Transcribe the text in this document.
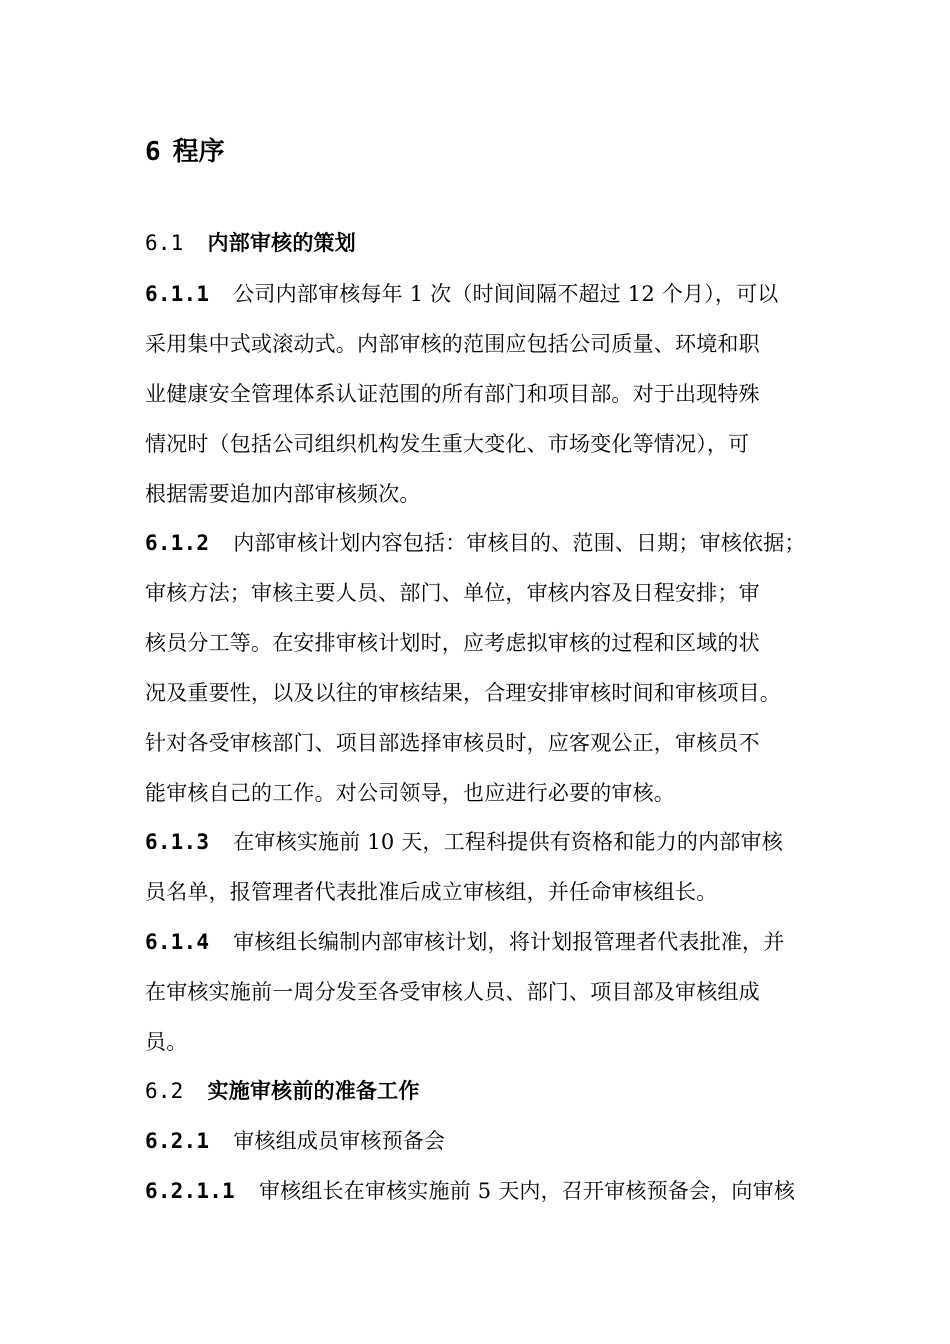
6 程序
6.1 内部审核的策划
6.1.1 公司内部审核每年 1 次（时间间隔不超过 12 个月），可以
采用集中式或滚动式。内部审核的范围应包括公司质量、环境和职
业健康安全管理体系认证范围的所有部门和项目部。对于出现特殊
情况时（包括公司组织机构发生重大变化、市场变化等情况），可
根据需要追加内部审核频次。
6.1.2 内部审核计划内容包括：审核目的、范围、日期；审核依据；
审核方法；审核主要人员、部门、单位，审核内容及日程安排；审
核员分工等。在安排审核计划时，应考虑拟审核的过程和区域的状
况及重要性，以及以往的审核结果，合理安排审核时间和审核项目。
针对各受审核部门、项目部选择审核员时，应客观公正，审核员不
能审核自己的工作。对公司领导，也应进行必要的审核。
6.1.3 在审核实施前 10 天，工程科提供有资格和能力的内部审核
员名单，报管理者代表批准后成立审核组，并任命审核组长。
6.1.4 审核组长编制内部审核计划，将计划报管理者代表批准，并
在审核实施前一周分发至各受审核人员、部门、项目部及审核组成
员。
6.2 实施审核前的准备工作
6.2.1 审核组成员审核预备会
6.2.1.1 审核组长在审核实施前 5 天内，召开审核预备会，向审核
